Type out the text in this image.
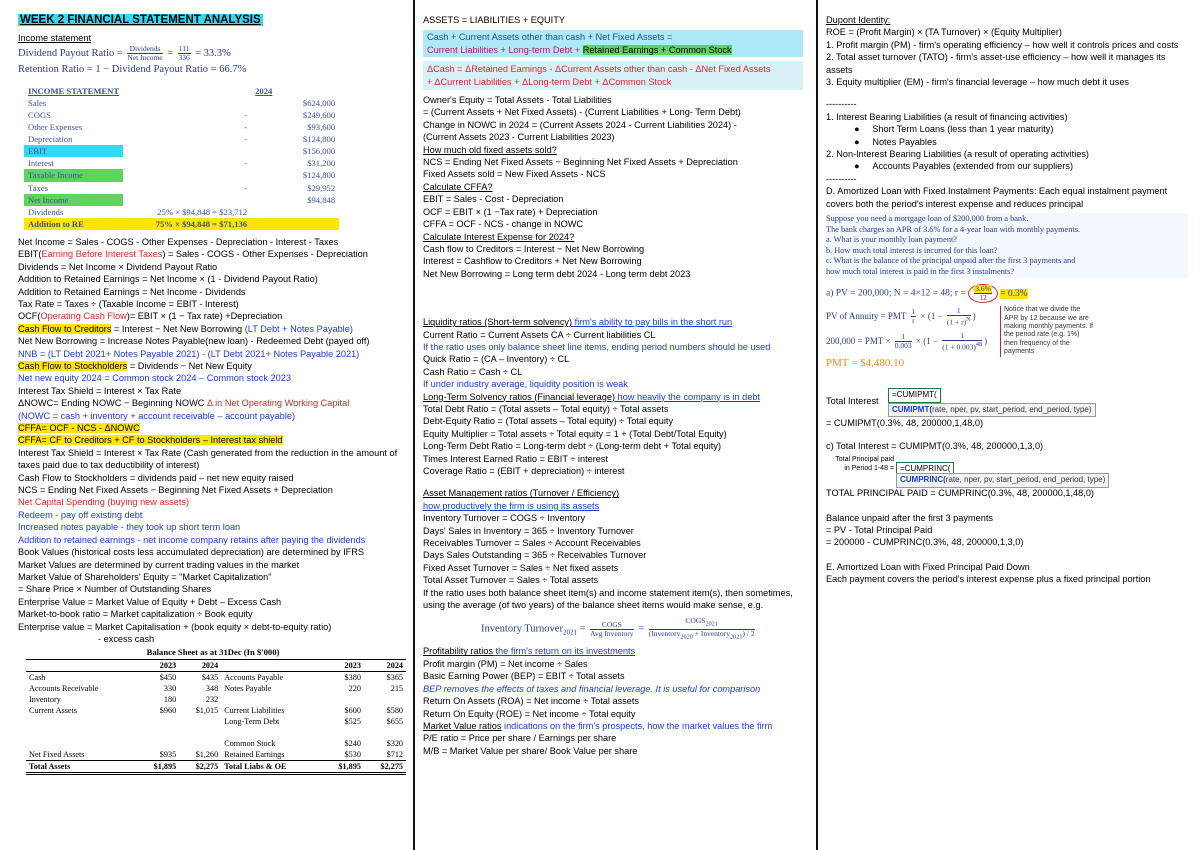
WEEK 2 FINANCIAL STATEMENT ANALYSIS
Income statement
Dividend Payout Ratio = $\frac{\text{Dividends}}{\text{Net Income}} = \frac{111}{336} = 33.3\%$
Retention Ratio = 1 − Dividend Payout Ratio = 66.7%
INCOME STATEMENT		2024
Sales		$624,000
COGS	-	$249,600
Other Expenses	-	$93,600
Depreciation	-	$124,800
EBIT		$156,000
Interest	-	$31,200
Taxable Income		$124,800
Taxes	-	$29,952
Net Income		$94,848
Dividends	25% × $94,848 = $23,712	
Addition to RE	75% × $94,848 = $71,136	
Net Income = Sales - COGS - Other Expenses - Depreciation - Interest - Taxes
EBIT(Earning Before Interest Taxes) = Sales - COGS - Other Expenses - Depreciation
Dividends = Net Income × Dividend Payout Ratio
Addition to Retained Earnings = Net Income × (1 - Dividend Payout Ratio)
Addition to Retained Earnings = Net Income - Dividends
Tax Rate = Taxes ÷ (Taxable Income = EBIT - Interest)
OCF(Operating Cash Flow)= EBIT × (1 − Tax rate) +Depreciation
Cash Flow to Creditors = Interest − Net New Borrowing (LT Debt + Notes Payable)
Net New Borrowing = Increase Notes Payable(new loan) - Redeemed Debt (payed off)
NNB = (LT Debt 2021+ Notes Payable 2021) - (LT Debt 2021+ Notes Payable 2021)
Cash Flow to Stockholders = Dividends − Net New Equity
Net new equity 2024 = Common stock 2024 – Common stock 2023
Interest Tax Shield = Interest × Tax Rate
ΔNOWC= Ending NOWC − Beginning NOWC Δ in Net Operating Working Capital
(NOWC = cash + inventory + account receivable – account payable)
CFFA= OCF - NCS - ΔNOWC
CFFA= CF to Creditors + CF to Stockholders – Interest tax shield
Interest Tax Shield = Interest × Tax Rate (Cash generated from the reduction in the amount of taxes paid due to tax deductibility of interest)
Cash Flow to Stockholders = dividends paid – net new equity raised
NCS = Ending Net Fixed Assets − Beginning Net Fixed Assets + Depreciation
Net Capital Spending (buying new assets)
Redeem - pay off existing debt
Increased notes payable - they took up short term loan
Addition to retained earnings - net income company retains after paying the dividends
Book Values (historical costs less accumulated depreciation) are determined by IFRS
Market Values are determined by current trading values in the market
Market Value of Shareholders' Equity = "Market Capitalization"
= Share Price × Number of Outstanding Shares
Enterprise Value = Market Value of Equity + Debt – Excess Cash
Market-to-book ratio = Market capitalization ÷ Book equity
Enterprise value = Market Capitalisation + (book equity × debt-to-equity ratio)
- excess cash
Balance Sheet as at 31Dec (In $'000)
	2023	2024		2023	2024
Cash	$450	$435	Accounts Payable	$380	$365
Accounts Receivable	330	348	Notes Payable	220	215
Inventory	180	232			
Current Assets	$960	$1,015	Current Liabilities	$600	$580
			Long-Term Debt	$525	$655

			Common Stock	$240	$320
Net Fixed Assets	$935	$1,260	Retained Earnings	$530	$712
Total Assets	$1,895	$2,275	Total Liabs & OE	$1,895	$2,275
ASSETS = LIABILITIES + EQUITY
Cash + Current Assets other than cash + Net Fixed Assets =
Current Liabilities + Long-term Debt + Retained Earnings + Common Stock
ΔCash = ΔRetained Earnings - ΔCurrent Assets other than cash - ΔNet Fixed Assets
+ ΔCurrent Liabilities + ΔLong-term Debt + ΔCommon Stock
Owner's Equity = Total Assets - Total Liabilities
= (Current Assets + Net Fixed Assets) - (Current Liabilities + Long- Term Debt)
Change in NOWC in 2024 = (Current Assets 2024 - Current Liabilities 2024) -
(Current Assets 2023 - Current Liabilities 2023)
How much old fixed assets sold?
NCS = Ending Net Fixed Assets − Beginning Net Fixed Assets + Depreciation
Fixed Assets sold = New Fixed Assets - NCS
Calculate CFFA?
EBIT = Sales - Cost - Depreciation
OCF = EBIT × (1 −Tax rate) + Depreciation
CFFA = OCF - NCS - change in NOWC
Calculate Interest Expense for 2024?
Cash flow to Creditors = Interest − Net New Borrowing
Interest = Cashflow to Creditors + Net New Borrowing
Net New Borrowing = Long term debt 2024 - Long term debt 2023
Liquidity ratios (Short-term solvency) firm's ability to pay bills in the short run
Current Ratio = Current Assets CA ÷ Current liabilities CL
If the ratio uses only balance sheet line items, ending period numbers should be used
Quick Ratio = (CA – Inventory) ÷ CL
Cash Ratio = Cash ÷ CL
If under industry average, liquidity position is weak
Long-Term Solvency ratios (Financial leverage) how heavily the company is in debt
Total Debt Ratio = (Total assets – Total equity) ÷ Total assets
Debt-Equity Ratio = (Total assets – Total equity) ÷ Total equity
Equity Multiplier = Total assets ÷ Total equity = 1 + (Total Debt/Total Equity)
Long-Term Debt Ratio = Long-term debt ÷ (Long-term debt + Total equity)
Times Interest Earned Ratio = EBIT ÷ interest
Coverage Ratio = (EBIT + depreciation) ÷ interest
Asset Management ratios (Turnover / Efficiency)
how productively the firm is using its assets
Inventory Turnover = COGS ÷ Inventory
Days' Sales in Inventory = 365 ÷ Inventory Turnover
Receivables Turnover = Sales ÷ Account Receivables
Days Sales Outstanding = 365 ÷ Receivables Turnover
Fixed Asset Turnover = Sales ÷ Net fixed assets
Total Asset Turnover = Sales ÷ Total assets
If the ratio uses both balance sheet item(s) and income statement item(s), then sometimes, using the average (of two years) of the balance sheet items would make sense, e.g.
Inventory Turnover$_{2021}$ = $\frac{\text{COGS}}{\text{Avg Inventory}} = \frac{COGS_{2021}}{(Inventory_{2020} + Inventory_{2021}) / 2}$
Profitability ratios the firm's return on its investments
Profit margin (PM) = Net income ÷ Sales
Basic Earning Power (BEP) = EBIT ÷ Total assets
BEP removes the effects of taxes and financial leverage. It is useful for comparison
Return On Assets (ROA) = Net income ÷ Total assets
Return On Equity (ROE) = Net income ÷ Total equity
Market Value ratios indications on the firm's prospects, how the market values the firm
P/E ratio = Price per share / Earnings per share
M/B = Market Value per share/ Book Value per share
Dupont Identity:
ROE = (Profit Margin) × (TA Turnover) × (Equity Multiplier)
1. Profit margin (PM) - firm's operating efficiency – how well it controls prices and costs
2. Total asset turnover (TATO) - firm's asset-use efficiency – how well it manages its assets
3. Equity multiplier (EM) - firm's financial leverage – how much debt it uses
----------
1. Interest Bearing Liabilities (a result of financing activities)
●     Short Term Loans (less than 1 year maturity)
●     Notes Payables
2. Non-Interest Bearing Liabilities (a result of operating activities)
●     Accounts Payables (extended from our suppliers)
----------
D. Amortized Loan with Fixed Instalment Payments: Each equal instalment payment covers both the period's interest expense and reduces principal
Suppose you need a mortgage loan of $200,000 from a bank.
The bank charges an APR of 3.6% for a 4-year loan with monthly payments.
a. What is your monthly loan payment?
b. How much total interest is incurred for this loan?
c. What is the balance of the principal unpaid after the first 3 payments and
how much total interest is paid in the first 3 instalments?
a) PV = 200,000; N = 4×12 = 48; $r = \frac{3.6\%}{12} = 0.3\%$
PV of Annuity = PMT $\frac{1}{r} \times (1 - \frac{1}{(1 + r)^N}$ )
200,000 = PMT × $\frac{1}{0.003} \times (1 - \frac{1}{(1 + 0.003)^{48}}$ )
PMT = $4,480.10
Notice that we divide the APR by 12 because we are making monthly payments. If the period rate (e.g. 1%) then frequency of the payments
=CUMIPMT(
CUMIPMT(rate, nper, pv, start_period, end_period, type)
Total Interest
= CUMIPMT(0.3%, 48, 200000,1,48,0)
c) Total Interest = CUMIPMT(0.3%, 48, 200000,1,3,0)
Total Principal paid in Period 1-48 = =CUMPRINC(
CUMPRINC(rate, nper, pv, start_period, end_period, type)
TOTAL PRINCIPAL PAID = CUMPRINC(0.3%, 48, 200000,1,48,0)
Balance unpaid after the first 3 payments
= PV - Total Principal Paid
= 200000 - CUMPRINC(0.3%, 48, 200000,1,3,0)
E. Amortized Loan with Fixed Principal Paid Down
Each payment covers the period's interest expense plus a fixed principal portion
